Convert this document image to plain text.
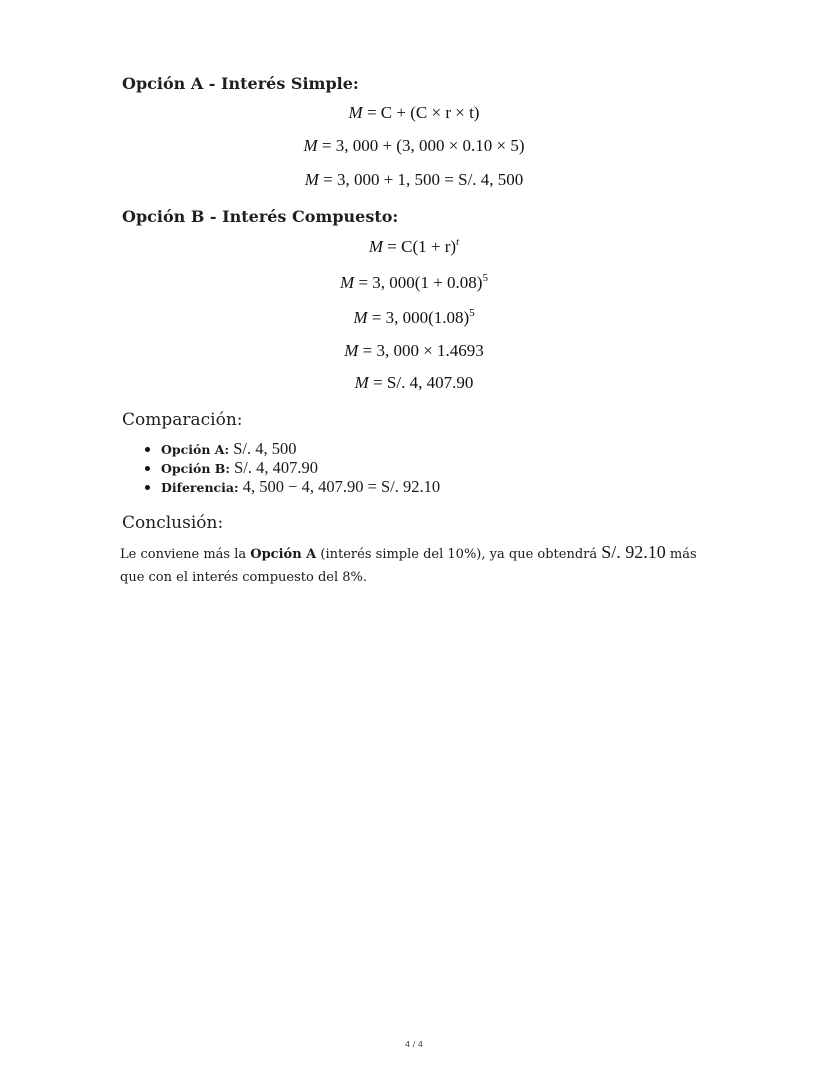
Opción A - Interés Simple:
M = C + (C × r × t)
M = 3, 000 + (3, 000 × 0.10 × 5)
M = 3, 000 + 1, 500 = S/. 4, 500
Opción B - Interés Compuesto:
$M = C(1 + r)^t$
M = 3, $000(1 + 0.08)^5$
M = 3, $000(1.08)^5$
M = 3, 000 × 1.4693
M = S/. 4, 407.90
Comparación:
Opción A: S/. 4, 500
Opción B: S/. 4, 407.90
Diferencia: 4, 500 − 4, 407.90 = S/. 92.10
Conclusión:

Le conviene más la Opción A (interés simple del 10%), ya que obtendrá S/. 92.10 más que con el interés compuesto del 8%.

4 / 4
